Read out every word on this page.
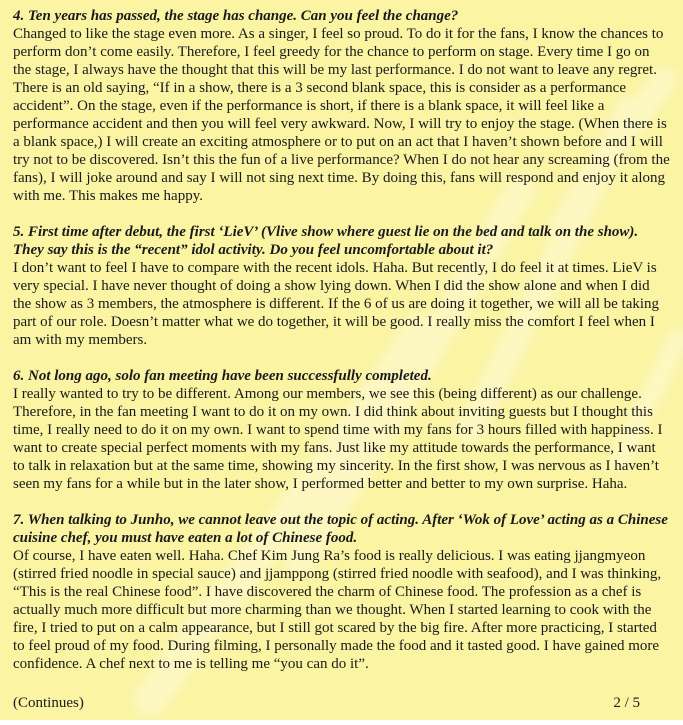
4. Ten years has passed, the stage has change. Can you feel the change?

Changed to like the stage even more. As a singer, I feel so proud. To do it for the fans, I know the chances to perform don’t come easily. Therefore, I feel greedy for the chance to perform on stage. Every time I go on the stage, I always have the thought that this will be my last performance. I do not want to leave any regret. There is an old saying, “If in a show, there is a 3 second blank space, this is consider as a performance accident”. On the stage, even if the performance is short, if there is a blank space, it will feel like a performance accident and then you will feel very awkward. Now, I will try to enjoy the stage. (When there is a blank space,) I will create an exciting atmosphere or to put on an act that I haven’t shown before and I will try not to be discovered. Isn’t this the fun of a live performance? When I do not hear any screaming (from the fans), I will joke around and say I will not sing next time. By doing this, fans will respond and enjoy it along with me. This makes me happy.

5. First time after debut, the first ‘LieV’ (Vlive show where guest lie on the bed and talk on the show). They say this is the “recent” idol activity. Do you feel uncomfortable about it?

I don’t want to feel I have to compare with the recent idols. Haha. But recently, I do feel it at times. LieV is very special. I have never thought of doing a show lying down. When I did the show alone and when I did the show as 3 members, the atmosphere is different. If the 6 of us are doing it together, we will all be taking part of our role. Doesn’t matter what we do together, it will be good. I really miss the comfort I feel when I am with my members.

6. Not long ago, solo fan meeting have been successfully completed.

I really wanted to try to be different. Among our members, we see this (being different) as our challenge. Therefore, in the fan meeting I want to do it on my own. I did think about inviting guests but I thought this time, I really need to do it on my own. I want to spend time with my fans for 3 hours filled with happiness. I want to create special perfect moments with my fans. Just like my attitude towards the performance, I want to talk in relaxation but at the same time, showing my sincerity. In the first show, I was nervous as I haven’t seen my fans for a while but in the later show, I performed better and better to my own surprise. Haha.

7. When talking to Junho, we cannot leave out the topic of acting. After ‘Wok of Love’ acting as a Chinese cuisine chef, you must have eaten a lot of Chinese food.

Of course, I have eaten well. Haha. Chef Kim Jung Ra’s food is really delicious. I was eating jjangmyeon (stirred fried noodle in special sauce) and jjamppong (stirred fried noodle with seafood), and I was thinking, “This is the real Chinese food”. I have discovered the charm of Chinese food. The profession as a chef is actually much more difficult but more charming than we thought. When I started learning to cook with the fire, I tried to put on a calm appearance, but I still got scared by the big fire. After more practicing, I started to feel proud of my food. During filming, I personally made the food and it tasted good. I have gained more confidence. A chef next to me is telling me “you can do it”.

(Continues)	2 / 5
